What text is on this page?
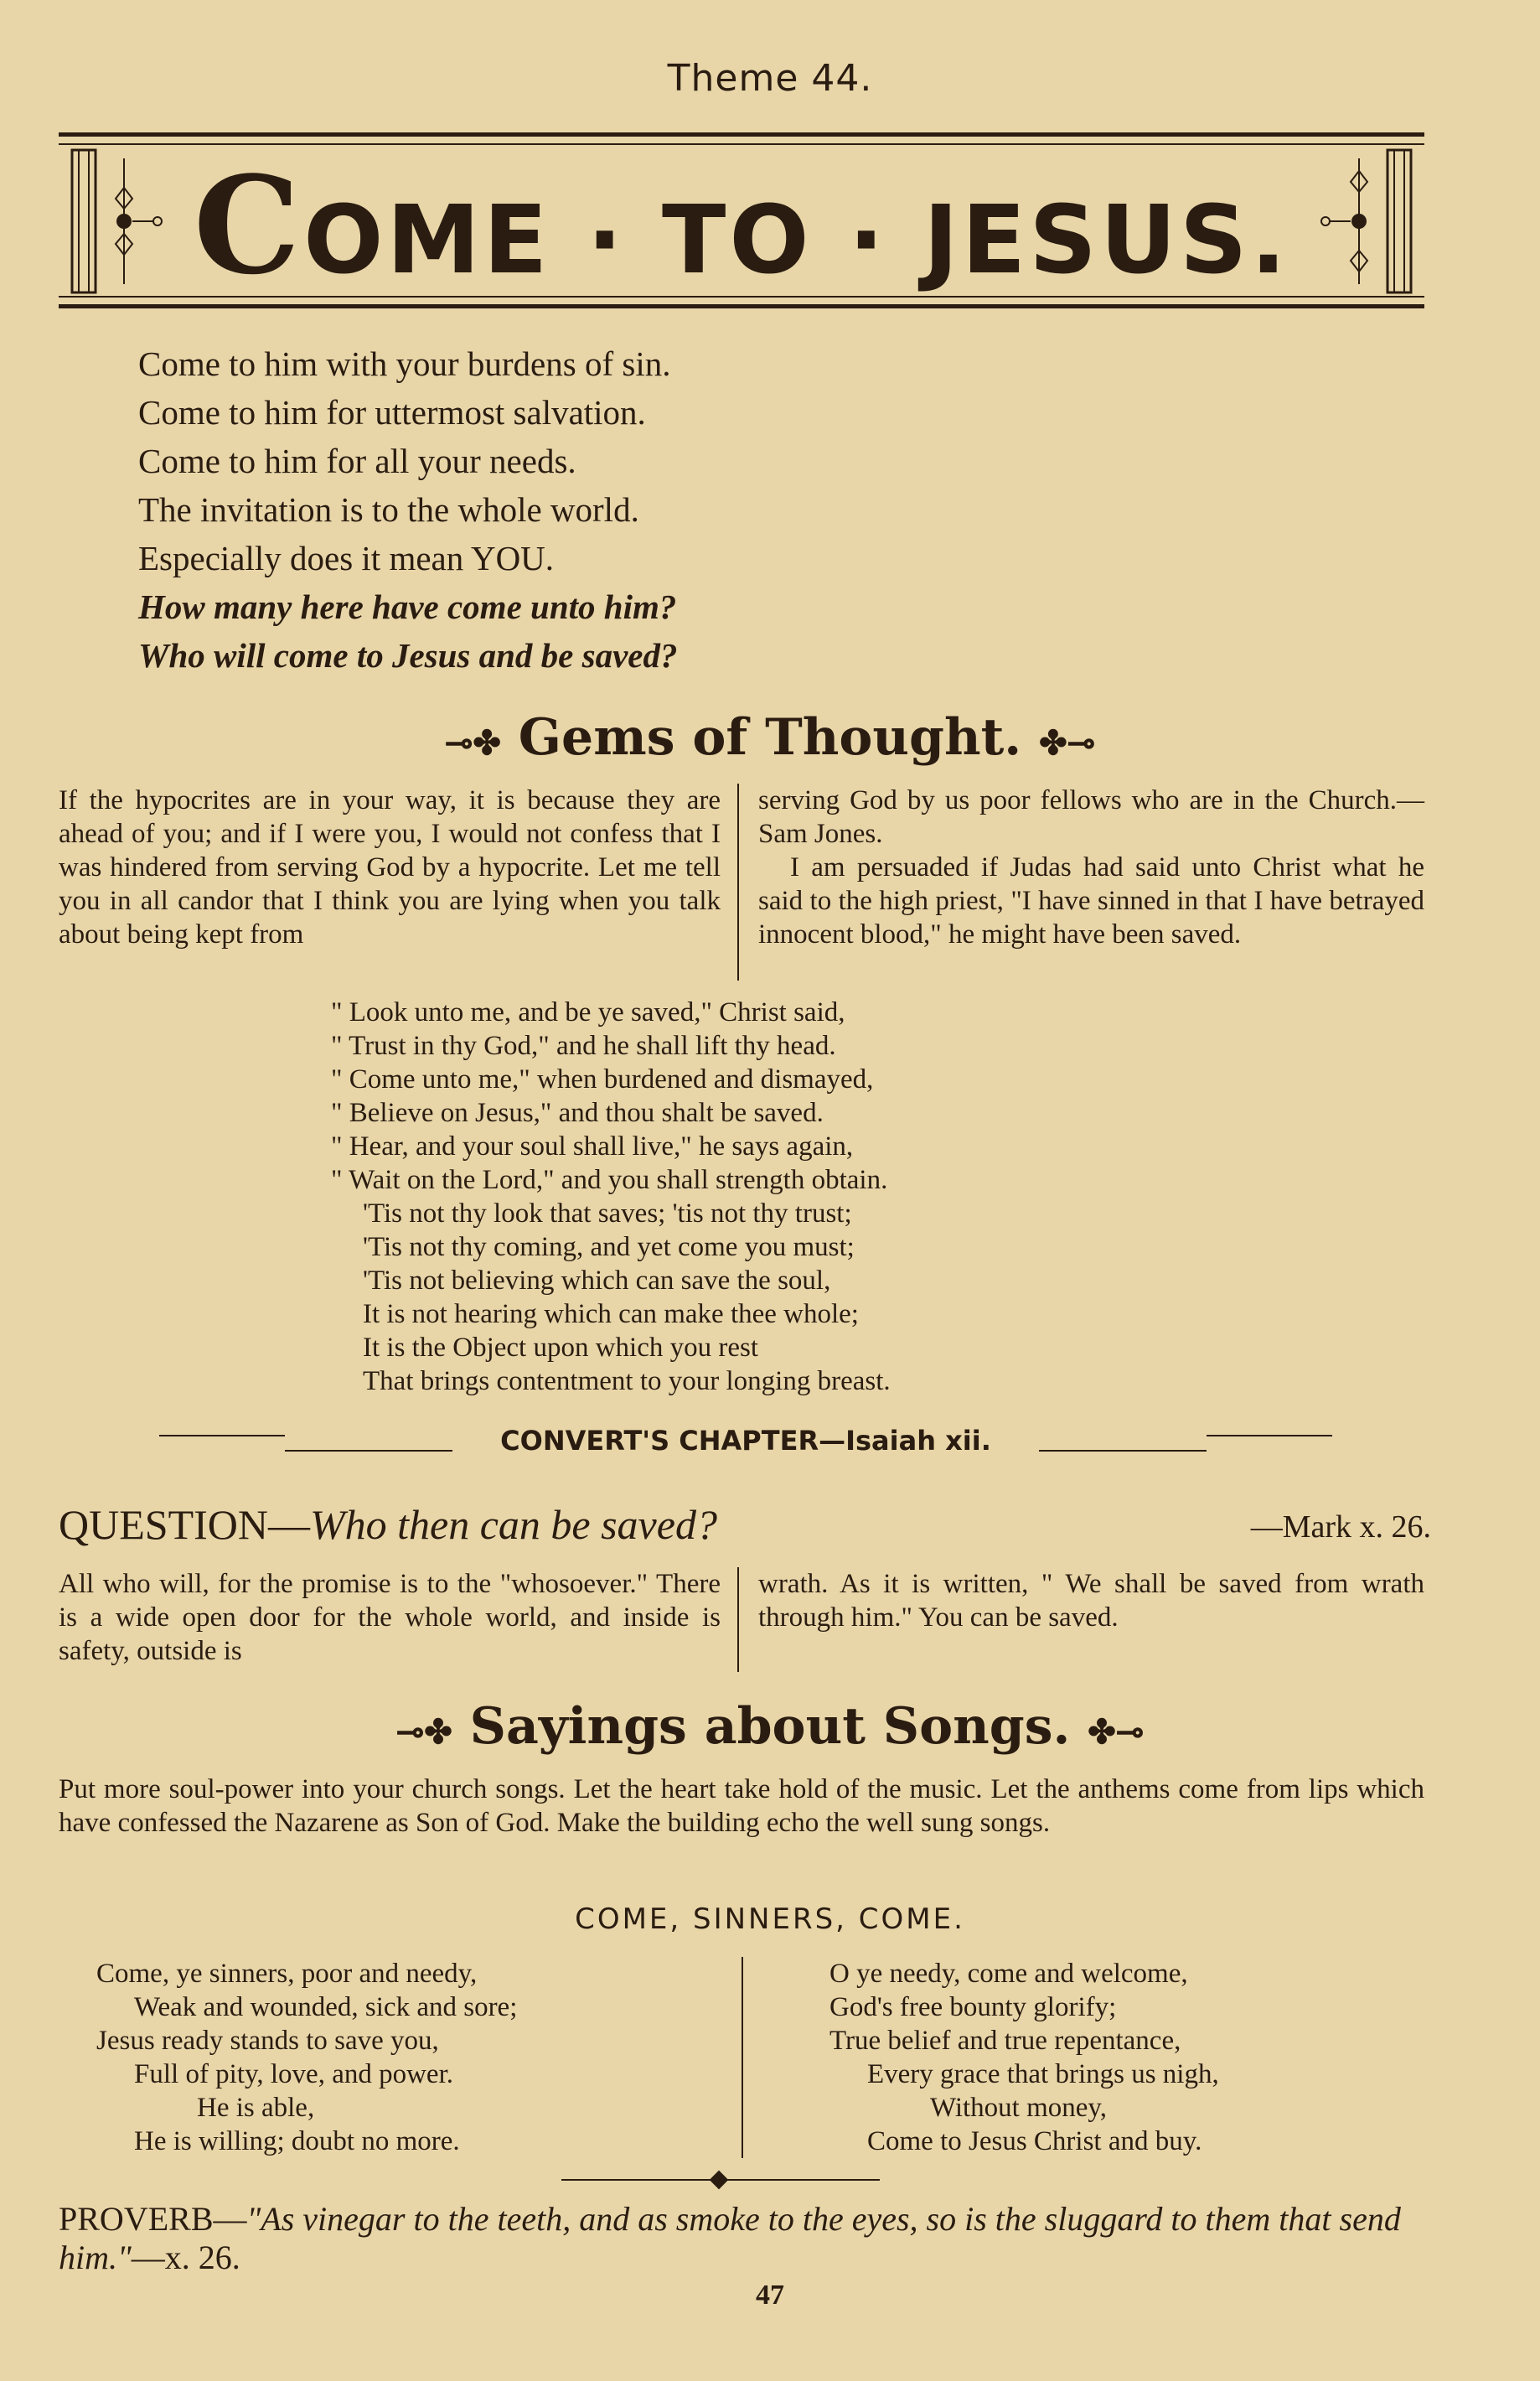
Theme 44.
COME · TO · JESUS.
Come to him with your burdens of sin.
Come to him for uttermost salvation.
Come to him for all your needs.
The invitation is to the whole world.
Especially does it mean YOU.
How many here have come unto him?
Who will come to Jesus and be saved?
⊸✤ Gems of Thought. ✤⊸
If the hypocrites are in your way, it is because they are ahead of you; and if I were you, I would not confess that I was hindered from serving God by a hypocrite. Let me tell you in all candor that I think you are lying when you talk about being kept from
serving God by us poor fellows who are in the Church.—Sam Jones.
I am persuaded if Judas had said unto Christ what he said to the high priest, "I have sinned in that I have betrayed innocent blood," he might have been saved.
" Look unto me, and be ye saved," Christ said,
" Trust in thy God," and he shall lift thy head.
" Come unto me," when burdened and dismayed,
" Believe on Jesus," and thou shalt be saved.
" Hear, and your soul shall live," he says again,
" Wait on the Lord," and you shall strength obtain.
'Tis not thy look that saves; 'tis not thy trust;
'Tis not thy coming, and yet come you must;
'Tis not believing which can save the soul,
It is not hearing which can make thee whole;
It is the Object upon which you rest
That brings contentment to your longing breast.
CONVERT'S CHAPTER—Isaiah xii.
QUESTION—Who then can be saved?	—Mark x. 26.
All who will, for the promise is to the "whosoever." There is a wide open door for the whole world, and inside is safety, outside is
wrath. As it is written, " We shall be saved from wrath through him." You can be saved.
⊸✤ Sayings about Songs. ✤⊸
Put more soul-power into your church songs. Let the heart take hold of the music. Let the anthems come from lips which have confessed the Nazarene as Son of God. Make the building echo the well sung songs.
COME, SINNERS, COME.
Come, ye sinners, poor and needy,
Weak and wounded, sick and sore;
Jesus ready stands to save you,
Full of pity, love, and power.
He is able,
He is willing; doubt no more.
O ye needy, come and welcome,
God's free bounty glorify;
True belief and true repentance,
Every grace that brings us nigh,
Without money,
Come to Jesus Christ and buy.
PROVERB—"As vinegar to the teeth, and as smoke to the eyes, so is the sluggard to them that send him."—x. 26.
47
